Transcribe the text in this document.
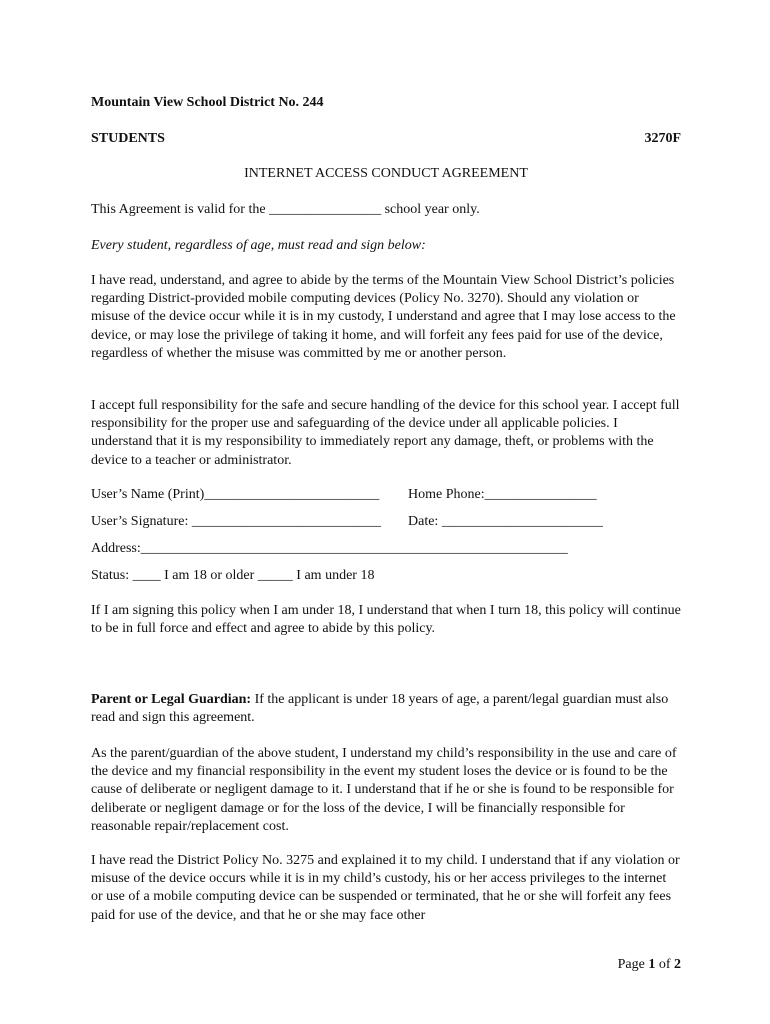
Mountain View School District No. 244
STUDENTS	3270F
INTERNET ACCESS CONDUCT AGREEMENT
This Agreement is valid for the ________________ school year only.
Every student, regardless of age, must read and sign below:

I have read, understand, and agree to abide by the terms of the Mountain View School District’s policies regarding District-provided mobile computing devices (Policy No. 3270). Should any violation or misuse of the device occur while it is in my custody, I understand and agree that I may lose access to the device, or may lose the privilege of taking it home, and will forfeit any fees paid for use of the device, regardless of whether the misuse was committed by me or another person.

I accept full responsibility for the safe and secure handling of the device for this school year. I accept full responsibility for the proper use and safeguarding of the device under all applicable policies. I understand that it is my responsibility to immediately report any damage, theft, or problems with the device to a teacher or administrator.

User’s Name (Print)_________________________ Home Phone:________________
User’s Signature: ___________________________ Date: _______________________
Address:_____________________________________________________________
Status: ____ I am 18 or older _____ I am under 18

If I am signing this policy when I am under 18, I understand that when I turn 18, this policy will continue to be in full force and effect and agree to abide by this policy.

Parent or Legal Guardian: If the applicant is under 18 years of age, a parent/legal guardian must also read and sign this agreement.

As the parent/guardian of the above student, I understand my child’s responsibility in the use and care of the device and my financial responsibility in the event my student loses the device or is found to be the cause of deliberate or negligent damage to it. I understand that if he or she is found to be responsible for deliberate or negligent damage or for the loss of the device, I will be financially responsible for reasonable repair/replacement cost.

I have read the District Policy No. 3275 and explained it to my child. I understand that if any violation or misuse of the device occurs while it is in my child’s custody, his or her access privileges to the internet or use of a mobile computing device can be suspended or terminated, that he or she will forfeit any fees paid for use of the device, and that he or she may face other

Page 1 of 2
